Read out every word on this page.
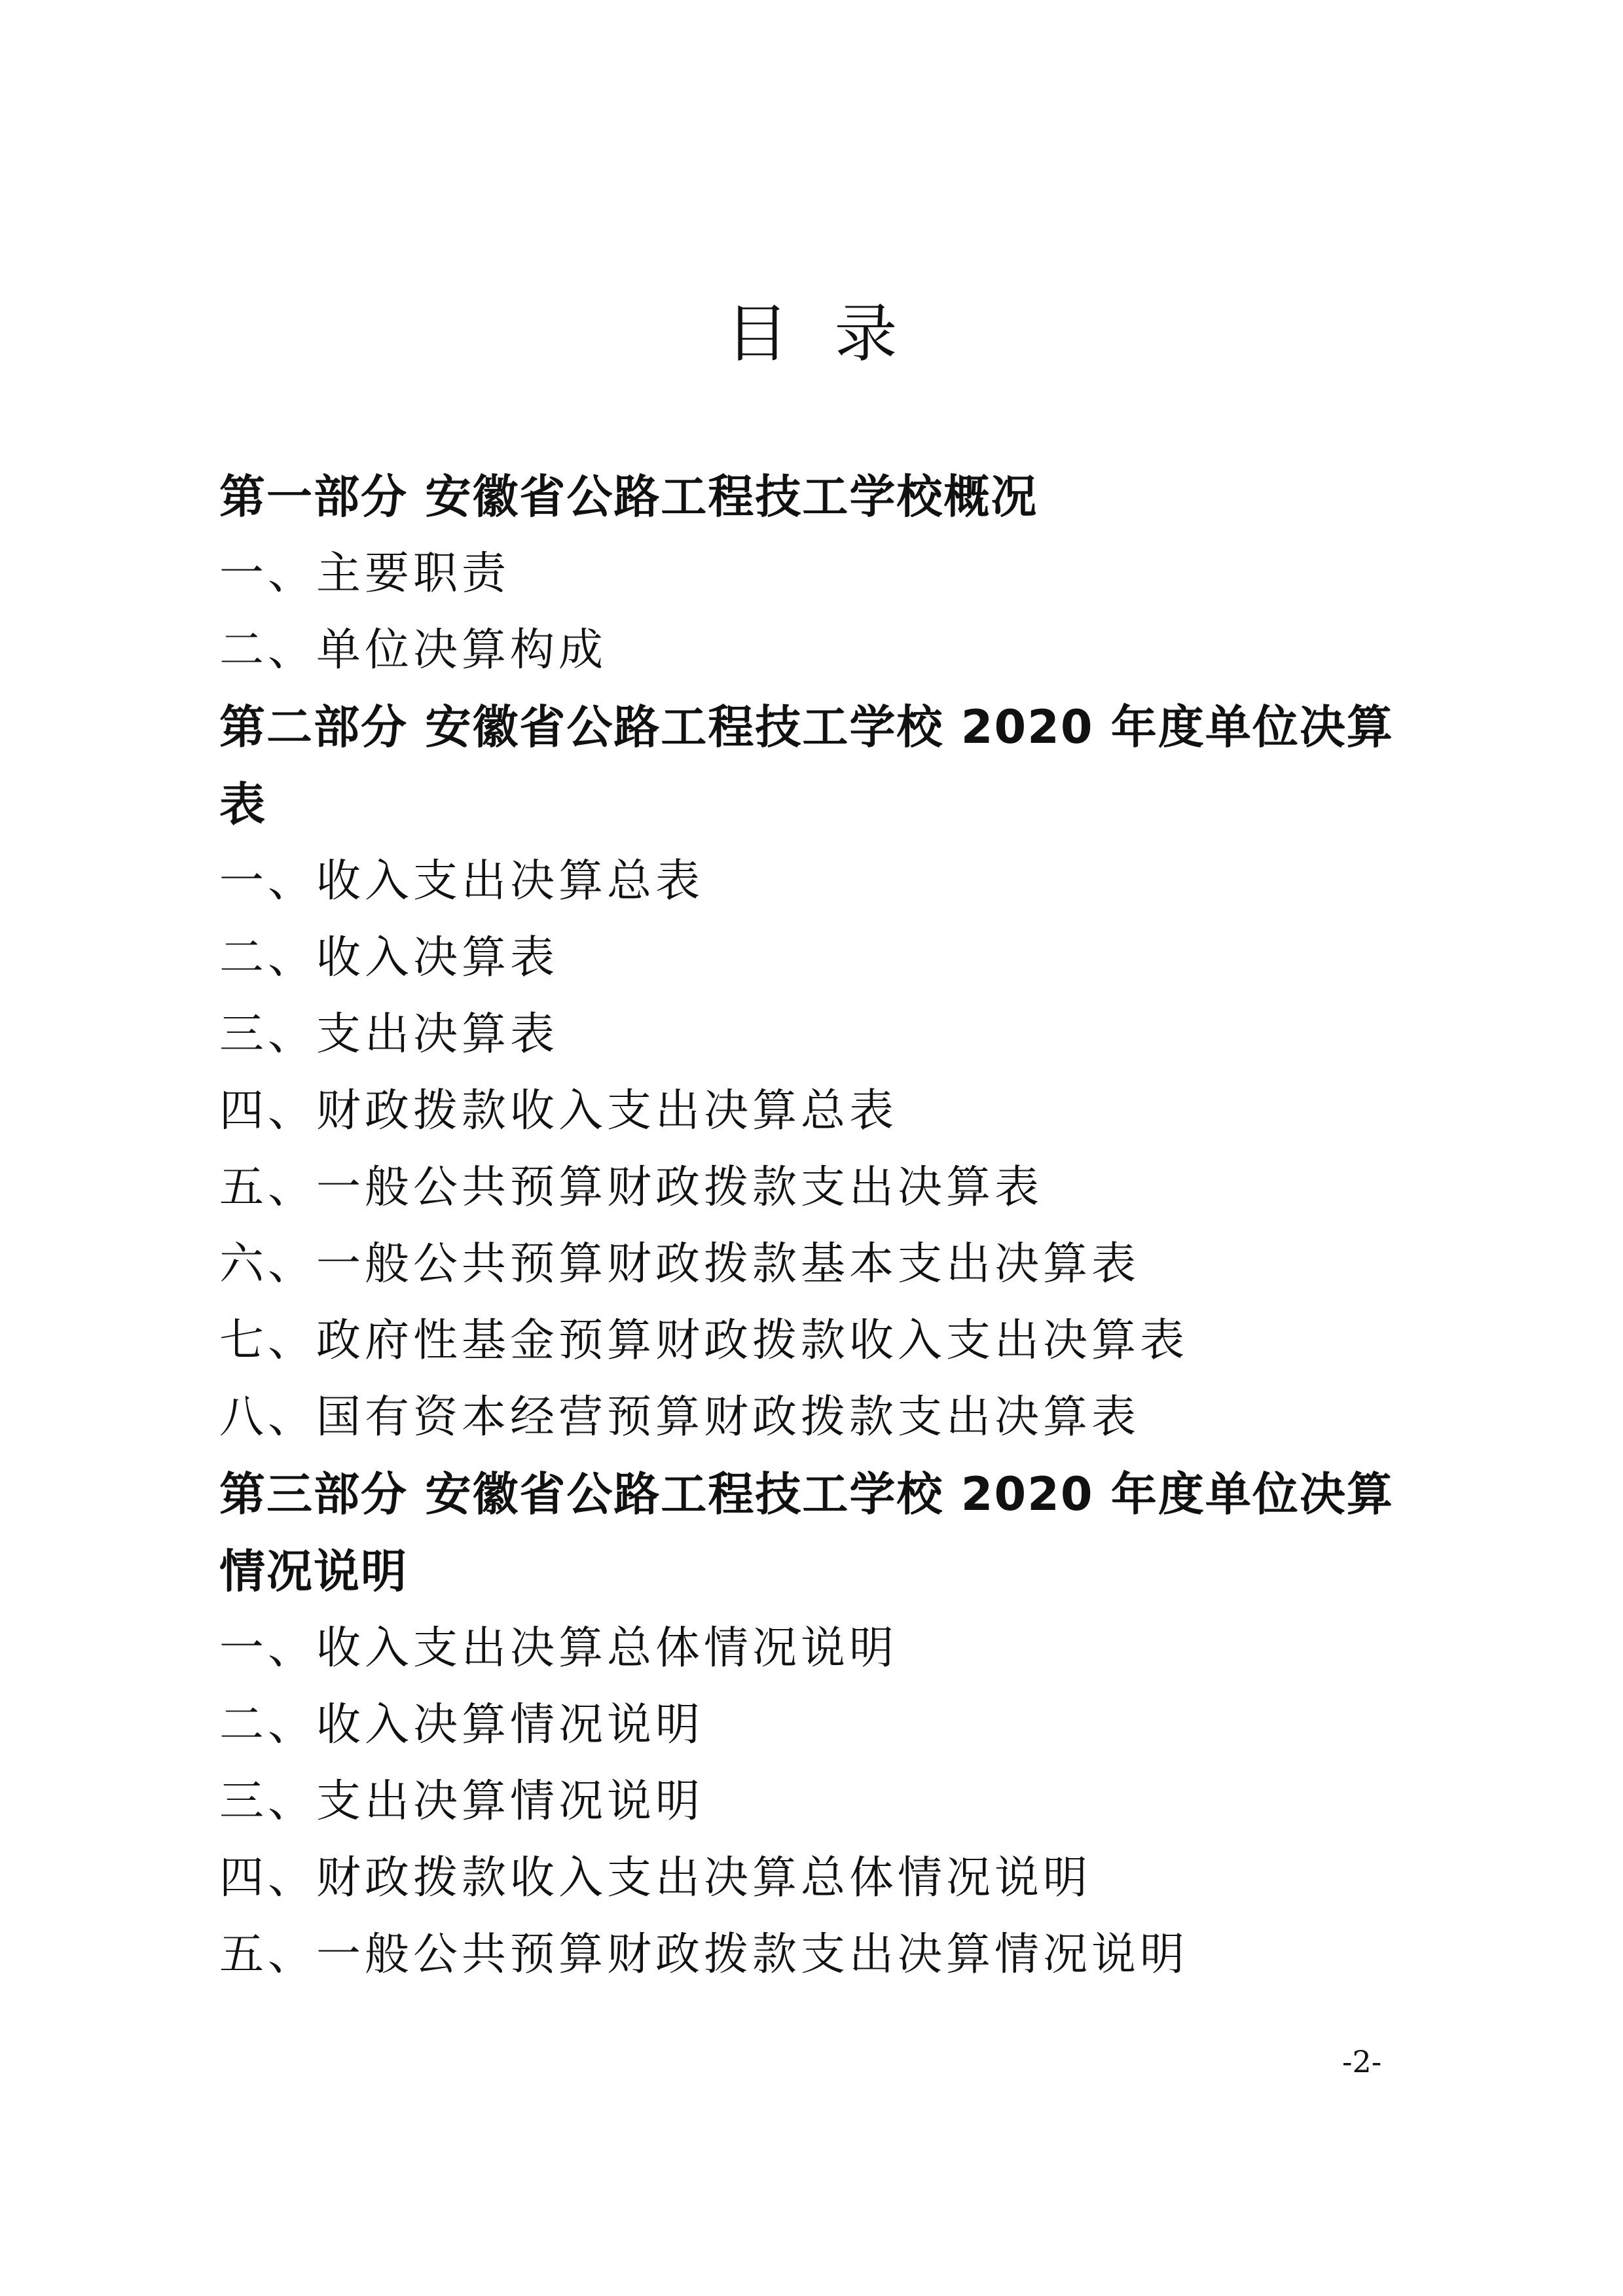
目录
第一部分 安徽省公路工程技工学校概况
一、主要职责
二、单位决算构成
第二部分 安徽省公路工程技工学校 2020 年度单位决算
表
一、收入支出决算总表
二、收入决算表
三、支出决算表
四、财政拨款收入支出决算总表
五、一般公共预算财政拨款支出决算表
六、一般公共预算财政拨款基本支出决算表
七、政府性基金预算财政拨款收入支出决算表
八、国有资本经营预算财政拨款支出决算表
第三部分 安徽省公路工程技工学校 2020 年度单位决算
情况说明
一、收入支出决算总体情况说明
二、收入决算情况说明
三、支出决算情况说明
四、财政拨款收入支出决算总体情况说明
五、一般公共预算财政拨款支出决算情况说明
-2-
